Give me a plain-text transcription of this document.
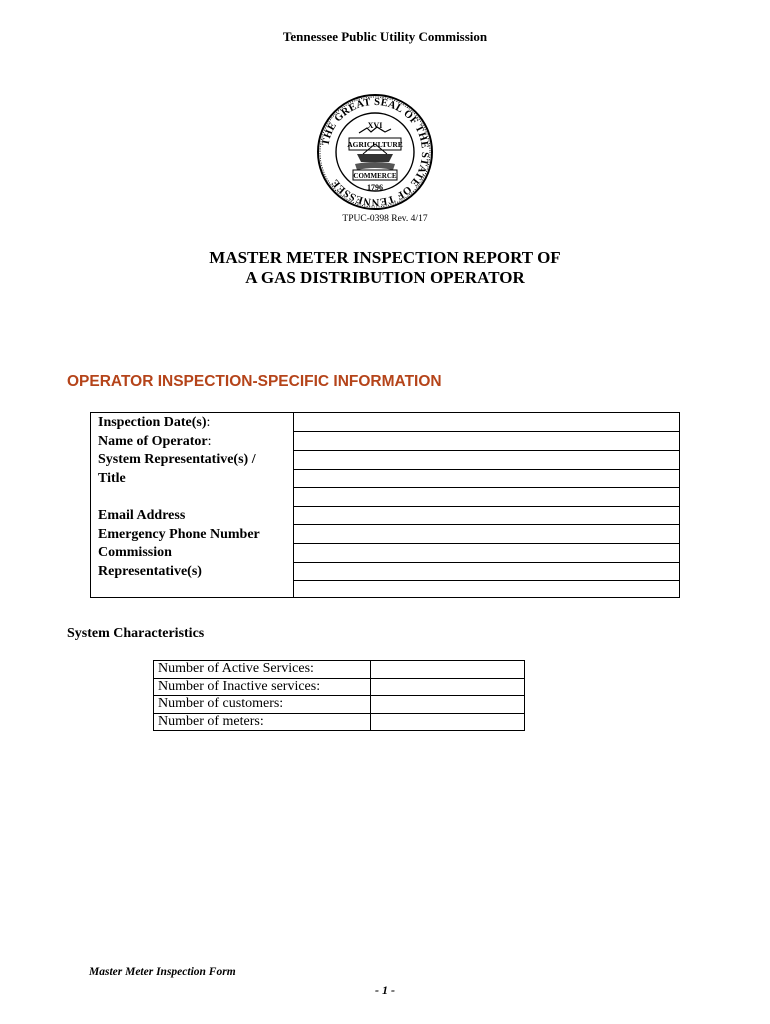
Tennessee Public Utility Commission
THE GREAT SEAL OF THE STATE OF TENNESSEE
XVI
AGRICULTURE
COMMERCE
1796
TPUC-0398 Rev. 4/17
MASTER METER INSPECTION REPORT OF
A GAS DISTRIBUTION OPERATOR
OPERATOR INSPECTION-SPECIFIC INFORMATION
Inspection Date(s):
Name of Operator:
System Representative(s) /
Title
Email Address
Emergency Phone Number
Commission
Representative(s)
System Characteristics
Number of Active Services:	
Number of Inactive services:	
Number of customers:	
Number of meters:	
Master Meter Inspection Form
- 1 -
